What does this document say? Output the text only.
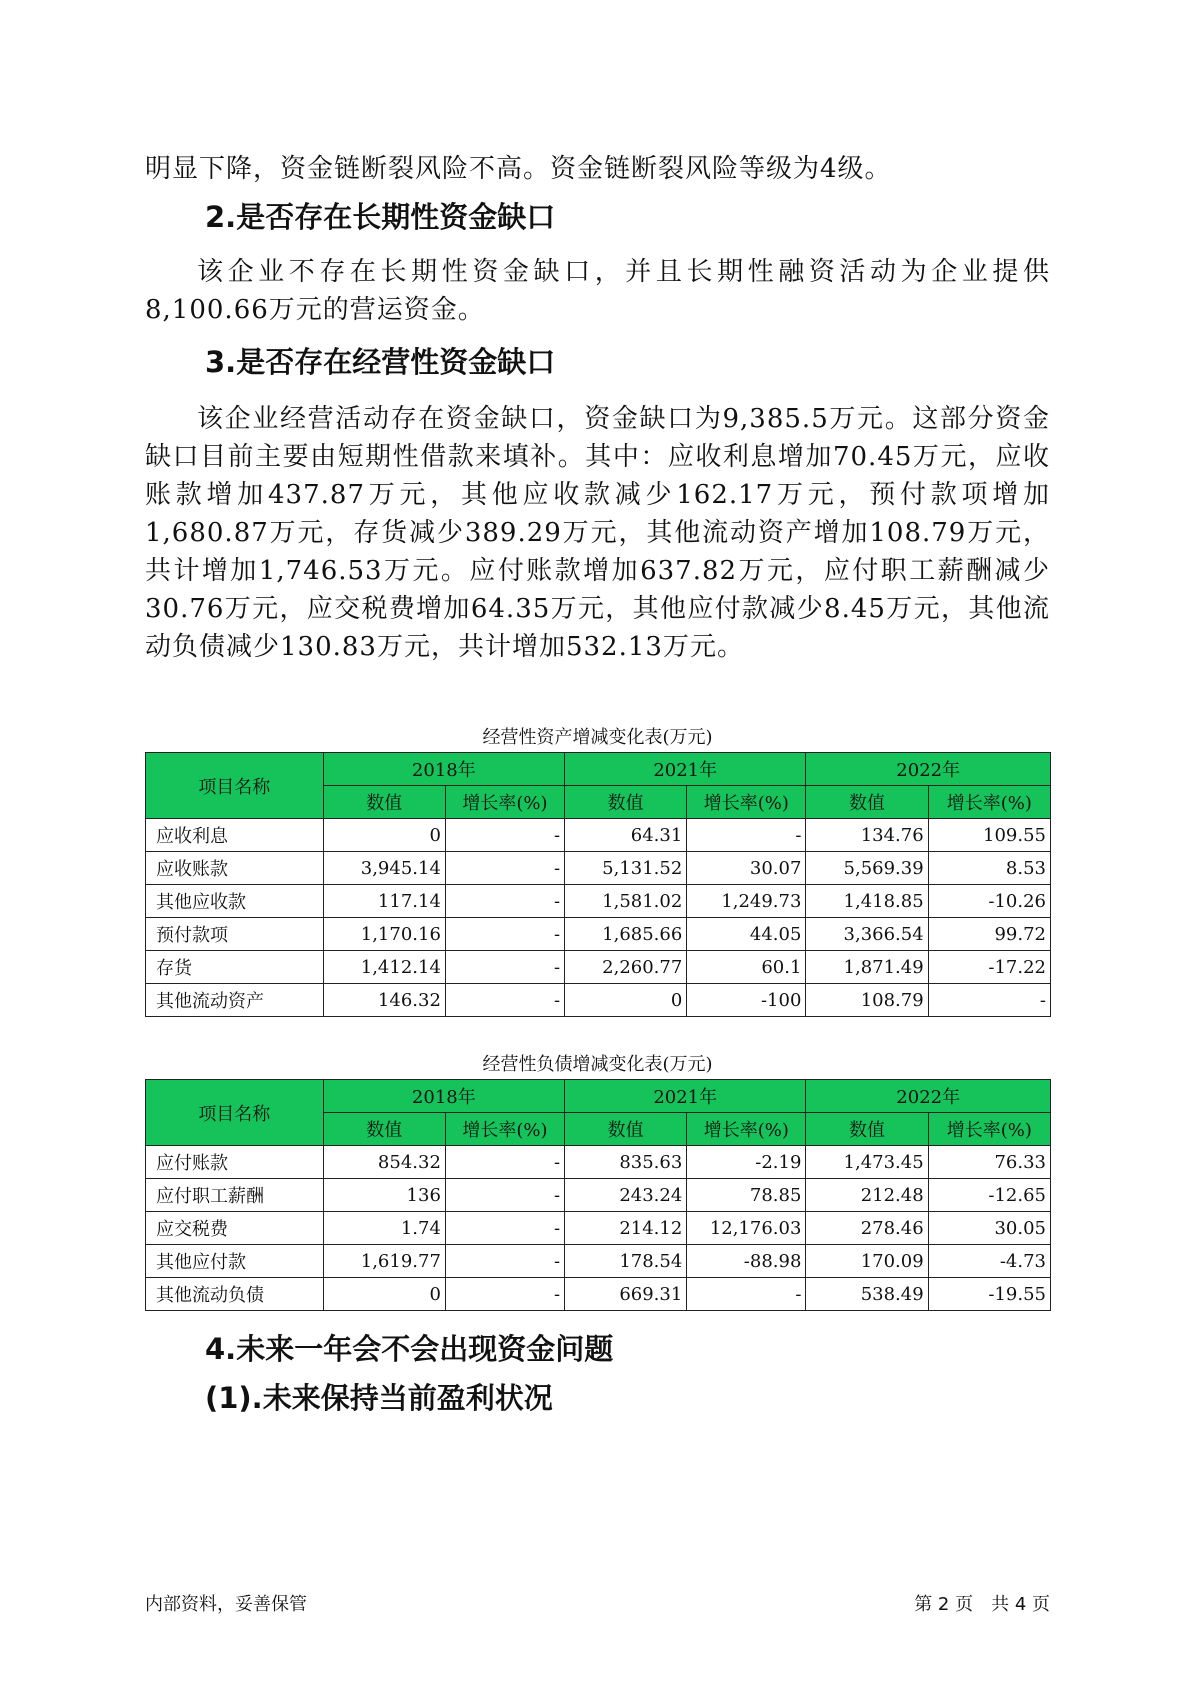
明显下降，资金链断裂风险不高。资金链断裂风险等级为4级。

2.是否存在长期性资金缺口

该企业不存在长期性资金缺口，并且长期性融资活动为企业提供8,100.66万元的营运资金。

3.是否存在经营性资金缺口

该企业经营活动存在资金缺口，资金缺口为9,385.5万元。这部分资金缺口目前主要由短期性借款来填补。其中：应收利息增加70.45万元，应收账款增加437.87万元，其他应收款减少162.17万元，预付款项增加1,680.87万元，存货减少389.29万元，其他流动资产增加108.79万元，共计增加1,746.53万元。应付账款增加637.82万元，应付职工薪酬减少30.76万元，应交税费增加64.35万元，其他应付款减少8.45万元，其他流动负债减少130.83万元，共计增加532.13万元。

经营性资产增减变化表(万元)
项目名称	2018年		2021年		2022年	
	数值	增长率(%)	数值	增长率(%)	数值	增长率(%)
应收利息	0	-	64.31	-	134.76	109.55
应收账款	3,945.14	-	5,131.52	30.07	5,569.39	8.53
其他应收款	117.14	-	1,581.02	1,249.73	1,418.85	-10.26
预付款项	1,170.16	-	1,685.66	44.05	3,366.54	99.72
存货	1,412.14	-	2,260.77	60.1	1,871.49	-17.22
其他流动资产	146.32	-	0	-100	108.79	-
经营性负债增减变化表(万元)
项目名称	2018年		2021年		2022年	
	数值	增长率(%)	数值	增长率(%)	数值	增长率(%)
应付账款	854.32	-	835.63	-2.19	1,473.45	76.33
应付职工薪酬	136	-	243.24	78.85	212.48	-12.65
应交税费	1.74	-	214.12	12,176.03	278.46	30.05
其他应付款	1,619.77	-	178.54	-88.98	170.09	-4.73
其他流动负债	0	-	669.31	-	538.49	-19.55
4.未来一年会不会出现资金问题
(1).未来保持当前盈利状况
内部资料，妥善保管	第 2 页　共 4 页
